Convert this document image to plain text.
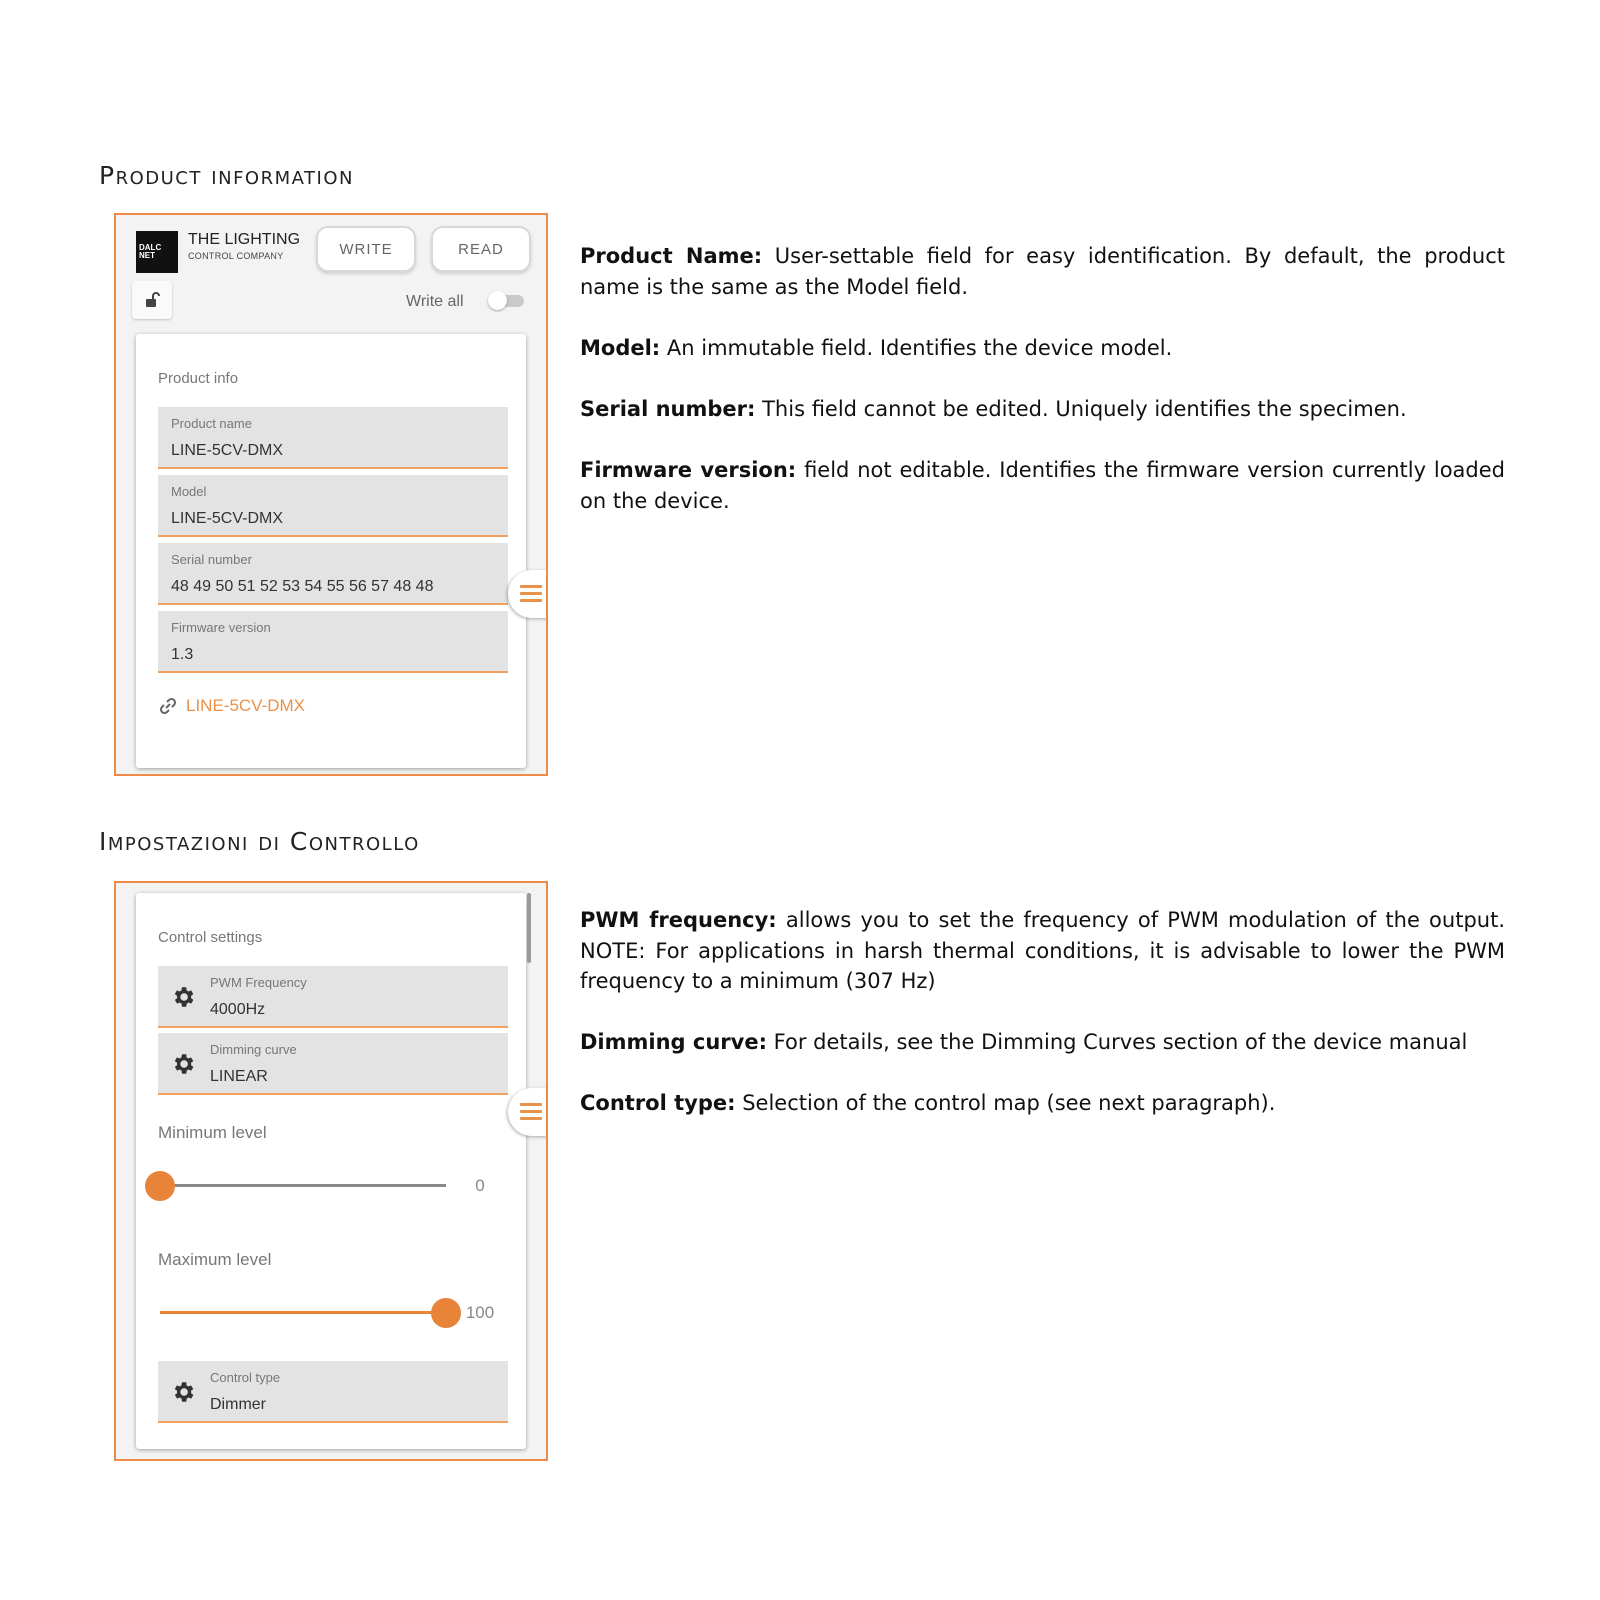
Product information
DALC NET
THE LIGHTING
CONTROL COMPANY	WRITE	READ
Write all
Product info
Product name
LINE-5CV-DMX
Model
LINE-5CV-DMX
Serial number
48 49 50 51 52 53 54 55 56 57 48 48
Firmware version
1.3
LINE-5CV-DMX
Impostazioni di Controllo
Control settings
PWM Frequency
4000Hz
Dimming curve
LINEAR
Minimum level
0
Maximum level
100
Control type
Dimmer

Product Name: User-settable field for easy identification. By default, the product name is the same as the Model field.

Model: An immutable field. Identifies the device model.

Serial number: This field cannot be edited. Uniquely identifies the specimen.

Firmware version: field not editable. Identifies the firmware version currently loaded on the device.

PWM frequency: allows you to set the frequency of PWM modulation of the output. NOTE: For applications in harsh thermal conditions, it is advisable to lower the PWM frequency to a minimum (307 Hz)

Dimming curve: For details, see the Dimming Curves section of the device manual

Control type: Selection of the control map (see next paragraph).
